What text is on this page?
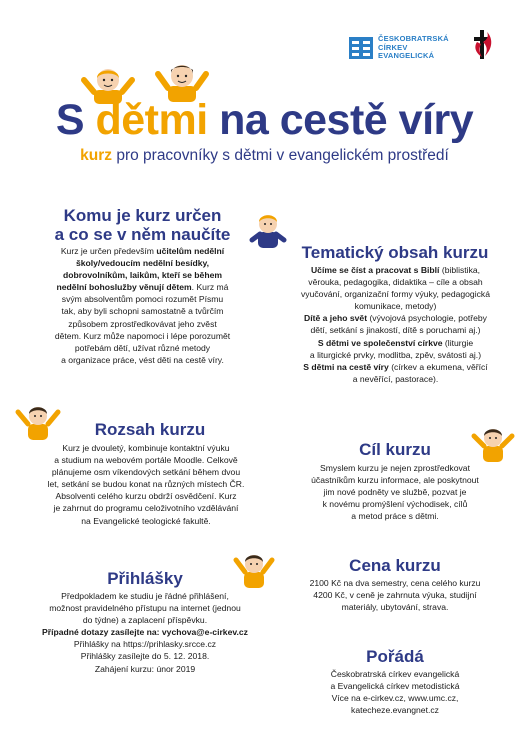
ČESKOBRATRSKÁ
CÍRKEV
EVANGELICKÁ
S dětmi na cestě víry
kurz pro pracovníky s dětmi v evangelickém prostředí
Komu je kurz určen
a co se v něm naučíte
Kurz je určen především učitelům nedělní
školy/vedoucím nedělní besídky,
dobrovolníkům, laikům, kteří se během
nedělní bohoslužby věnují dětem. Kurz má
svým absolventům pomoci rozumět Písmu
tak, aby byli schopni samostatně a tvůrčím
způsobem zprostředkovávat jeho zvěst
dětem. Kurz může napomoci i lépe porozumět
potřebám dětí, užívat různé metody
a organizace práce, vést děti na cestě víry.
Tematický obsah kurzu
Učíme se číst a pracovat s Biblí (biblistika,
věrouka, pedagogika, didaktika – cíle a obsah
vyučování, organizační formy výuky, pedagogická
komunikace, metody)
Dítě a jeho svět (vývojová psychologie, potřeby
dětí, setkání s jinakostí, dítě s poruchami aj.)
S dětmi ve společenství církve (liturgie
a liturgické prvky, modlitba, zpěv, svátosti aj.)
S dětmi na cestě víry (církev a ekumena, věřící
a nevěřící, pastorace).
Rozsah kurzu
Kurz je dvouletý, kombinuje kontaktní výuku
a studium na webovém portále Moodle. Celkově
plánujeme osm víkendových setkání během dvou
let, setkání se budou konat na různých místech ČR.
Absolventi celého kurzu obdrží osvědčení. Kurz
je zahrnut do programu celoživotního vzdělávání
na Evangelické teologické fakultě.
Cíl kurzu
Smyslem kurzu je nejen zprostředkovat
účastníkům kurzu informace, ale poskytnout
jim nové podněty ve službě, pozvat je
k novému promýšlení východisek, cílů
a metod práce s dětmi.
Přihlášky
Předpokladem ke studiu je řádné přihlášení,
možnost pravidelného přístupu na internet (jednou
do týdne) a zaplacení příspěvku.
Případné dotazy zasílejte na: vychova@e-cirkev.cz
Přihlášky na https://prihlasky.srcce.cz
Přihlášky zasílejte do 5. 12. 2018.
Zahájení kurzu: únor 2019
Cena kurzu
2100 Kč na dva semestry, cena celého kurzu
4200 Kč, v ceně je zahrnuta výuka, studijní
materiály, ubytování, strava.
Pořádá
Českobratrská církev evangelická
a Evangelická církev metodistická
Více na e-cirkev.cz, www.umc.cz,
katecheze.evangnet.cz
